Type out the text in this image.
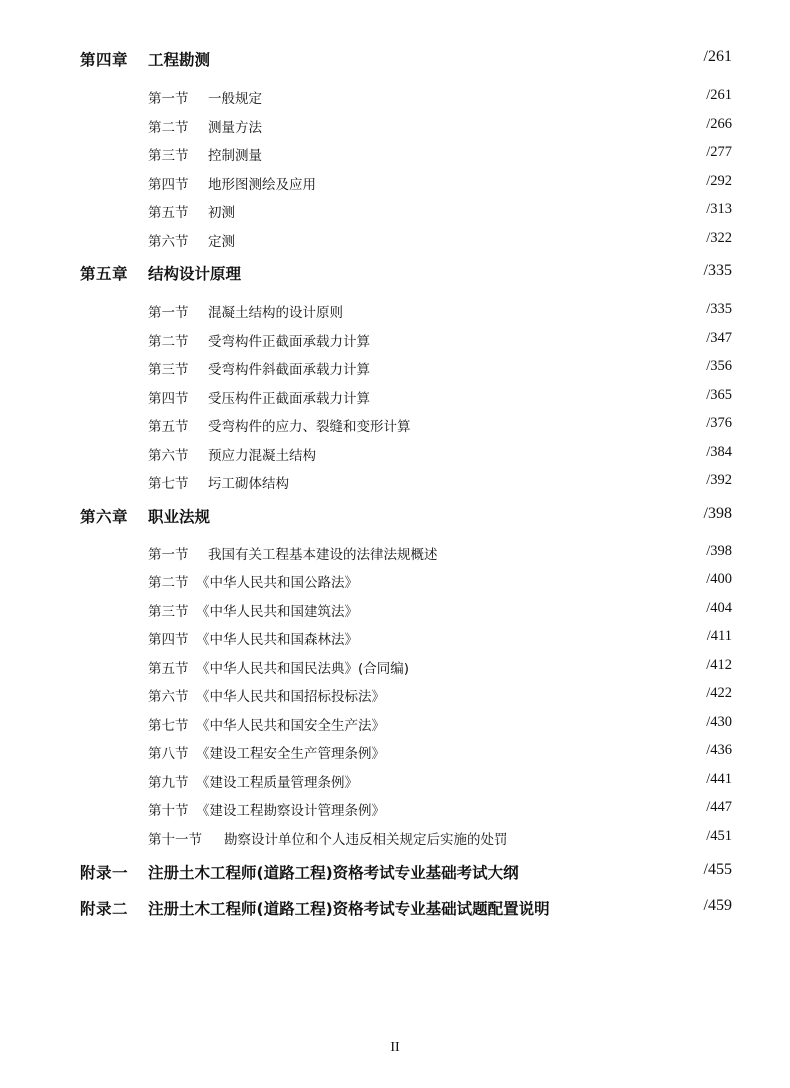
第四章 工程勘测	/261
第一节 一般规定	/261
第二节 测量方法	/266
第三节 控制测量	/277
第四节 地形图测绘及应用	/292
第五节 初测	/313
第六节 定测	/322
第五章 结构设计原理	/335
第一节 混凝土结构的设计原则	/335
第二节 受弯构件正截面承载力计算	/347
第三节 受弯构件斜截面承载力计算	/356
第四节 受压构件正截面承载力计算	/365
第五节 受弯构件的应力、裂缝和变形计算	/376
第六节 预应力混凝土结构	/384
第七节 圬工砌体结构	/392
第六章 职业法规	/398
第一节 我国有关工程基本建设的法律法规概述	/398
第二节 《中华人民共和国公路法》	/400
第三节 《中华人民共和国建筑法》	/404
第四节 《中华人民共和国森林法》	/411
第五节 《中华人民共和国民法典》(合同编)	/412
第六节 《中华人民共和国招标投标法》	/422
第七节 《中华人民共和国安全生产法》	/430
第八节 《建设工程安全生产管理条例》	/436
第九节 《建设工程质量管理条例》	/441
第十节 《建设工程勘察设计管理条例》	/447
第十一节 勘察设计单位和个人违反相关规定后实施的处罚	/451
附录一 注册土木工程师(道路工程)资格考试专业基础考试大纲	/455
附录二 注册土木工程师(道路工程)资格考试专业基础试题配置说明	/459
II
